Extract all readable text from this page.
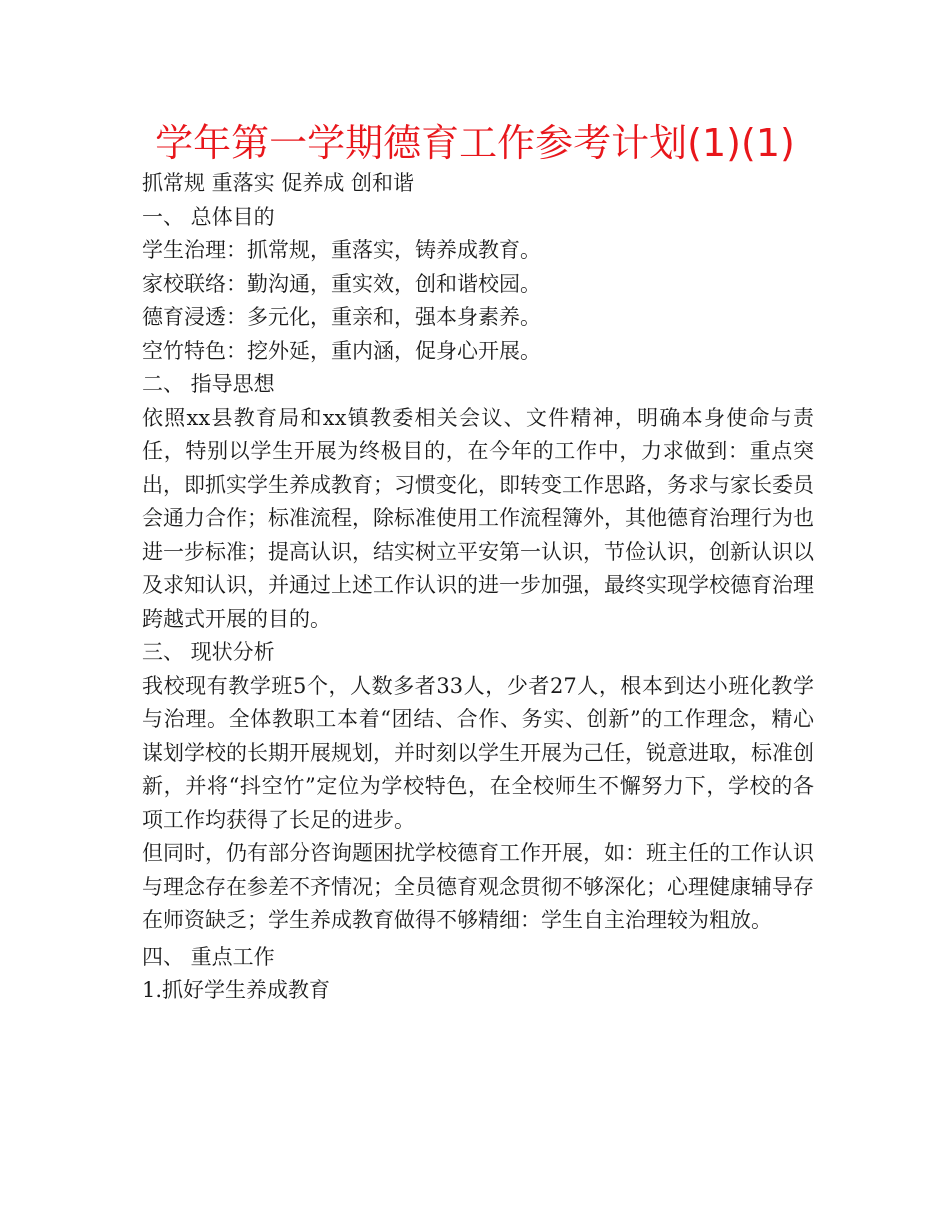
学年第一学期德育工作参考计划(1)(1)
抓常规 重落实 促养成 创和谐
一、 总体目的
学生治理：抓常规，重落实，铸养成教育。
家校联络：勤沟通，重实效，创和谐校园。
德育浸透：多元化，重亲和，强本身素养。
空竹特色：挖外延，重内涵，促身心开展。
二、 指导思想
依照xx县教育局和xx镇教委相关会议、文件精神，明确本身使命与责任，特别以学生开展为终极目的，在今年的工作中，力求做到：重点突出，即抓实学生养成教育；习惯变化，即转变工作思路，务求与家长委员会通力合作；标准流程，除标准使用工作流程簿外，其他德育治理行为也进一步标准；提高认识，结实树立平安第一认识，节俭认识，创新认识以及求知认识，并通过上述工作认识的进一步加强，最终实现学校德育治理跨越式开展的目的。
三、 现状分析
我校现有教学班5个，人数多者33人，少者27人，根本到达小班化教学与治理。全体教职工本着“团结、合作、务实、创新”的工作理念，精心谋划学校的长期开展规划，并时刻以学生开展为己任，锐意进取，标准创新，并将“抖空竹”定位为学校特色，在全校师生不懈努力下，学校的各项工作均获得了长足的进步。
但同时，仍有部分咨询题困扰学校德育工作开展，如：班主任的工作认识与理念存在参差不齐情况；全员德育观念贯彻不够深化；心理健康辅导存在师资缺乏；学生养成教育做得不够精细：学生自主治理较为粗放。
四、 重点工作
1.抓好学生养成教育
